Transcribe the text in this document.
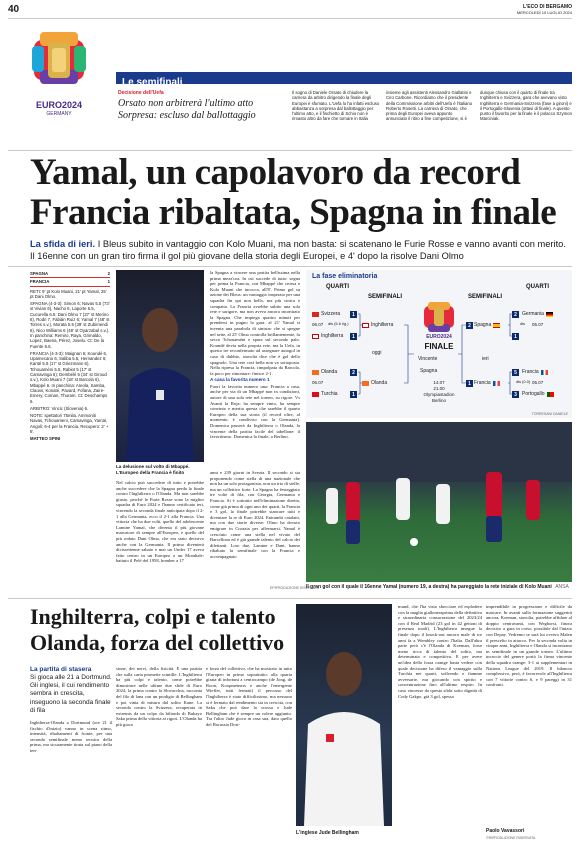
40	L'ECO DI BERGAMO
MERCOLEDÌ 10 LUGLIO 2024
EURO2024
GERMANY
Le semifinali
Decisione dell'Uefa
Orsato non arbitrerà l'ultimo atto Sorpresa: escluso dal ballottaggio
Il sogno di Daniele Orsato di chiudere la carriera da arbitro dirigendo la finale degli Europei è sfumato. L'Uefa lo ha infatti escluso abbastanza a sorpresa dal ballottaggio per l'ultimo atto, e il fischietto di Schio non è rimasto altro da fare che tornare in Italia
insieme agli assistenti Alessandro Giallatini e Ciro Carbone. Ricordiamo che il presidente della Commissione arbitri dell'Uefa è l'italiano Roberto Rosetti. La carriera di Orsato, che prima degli Europei aveva appunto annunciato il ritiro a fine competizione, si è
dunque chiusa con il quarto di finale tra Inghilterra e Svizzera, gara che avevano visto Inghilterra e Germania-Svizzera (fase a gironi) e il Portogallo-Slovenia (ottavi di finale). A questo punto il favorito per la finale è il polacco Szymon Marciniak.
Yamal, un capolavoro da record
Francia ribaltata, Spagna in finale
La sfida di ieri. I Bleus subito in vantaggio con Kolo Muani, ma non basta: si scatenano le Furie Rosse e vanno avanti con merito. Il 16enne con un gran tiro firma il gol più giovane della storia degli Europei, e 4' dopo la risolve Dani Olmo
SPAGNA	2
FRANCIA	1

RETI: 9' pt Kolo Muani, 21' pt Yamal, 25' pt Dani Olmo.

SPAGNA (4-3-3): Simon 6; Navas 5.5 (73' st Vivian 6), Nacho 6, Laporte 6.5, Cucurella 6.5; Dani Olmo 7 (37' st Merino 6), Rodri 7, Fabián Ruiz 6; Yamal 7 (48' st Torres s.v.), Morata 5.5 (39' st Zubimendi 6), Nico Williams 6 (48' st Oyarzabal s.v.). In panchina: Remiro, Raya, Grimaldo, Lopez, Baena, Pérez, Joselu. Ct: De la Fuente 6.5.

FRANCIA (4-3-3): Maignan 6; Koundé 6, Upamecano 6, Saliba 5.5, Hernandez 6; Kanté 5.5 (17' st Griezmann 6), Tchouaméni 5.5, Rabiot 5 (17' st Camavinga 6); Dembélé 5 (34' st Giroud s.v.), Kolo Muani 7 (18' st Barcola 6), Mbappé 6. In panchina: Areola, Samba, Clauss, Konaté, Pavard, Fofana, Zaire-Emery, Coman, Thuram. Ct: Deschamps 5.

ARBITRO: Vincic (Slovenia) 6.

NOTE: spettatori 75mila. Ammoniti Navas, Tchouameni, Camavinga, Yamal, Angoli: 6-4 per la Francia. Recupero: 2' + 6'.

MATTEO SPINI

La delusione sul volto di Mbappé. L'Europeo della Francia è finito
Nel calcio può succedere di tutto e potrebbe anche succedere che la Spagna perda la finale contro l'Inghilterra o l'Olanda. Ma non sarebbe giusto, perché le Furie Rosse sono la miglior squadra di Euro 2024 e l'hanno certificato ieri, vincendo la seconda finale anticipata dopo il 2-1 alla Germania, ecco il 2-1 alla Francia. Una vittoria che ha due volti, quello del adolescente Lamine Yamal, che diventa il più giovane marcatore di sempre all'Europeo, e quello del più rodato Dani Olmo, che era stato decisivo anche con la Germania. Il primo diventerà dicissettenne sabato e mai un Under 17 aveva fatto centro in un Europeo o un Mondiale: battuto il Pelé del 1958, bomber a 17
anni e 239 giorni in Svezia. Il secondo si sta proponendo come stella di una nazionale che non ha un solo protagonista, non un trio di stelle, ma un collettivo forte. La Spagna ha festeggiato tre volte di fila, con Georgia, Germania e Francia. Si è sottratto nell'eliminazione diretta, come già prima di ogni uno dei quarti, la Francia e 3 gol, la finale potrebbe stancare tutti e diventare la re di Euro 2024. Entrambi catalani, ma con due storie diverse: Olmo ha dovuto emigrare in Croazia per affermarsi, Yamal è cresciuto come una stella nel vivaio del Barcellona ed è già grande talento del calcio dei dilettanti. Loro due, Lamine e Dani, hanno ribaltato la semifinale con la Francia e accompagnato

la Spagna a vincere una partita bellissima nella prima mezz'ora. In cui succede di tutto: segna per prima la Francia, con Mbappé che crossa e Kolo Muani che incocca, all'8'. Primo gol su azione dei Bleus: un vantaggio insperato per una squadra fin qui non bella, ma più cinica e compatta. La Francia avrebbe subito una sola rete e sarigore, ma non aveva ancora incontrato la Spagna. Che impiega quattro minuti per prendersi in pugno la gara: al 21' Yamal si inventa una parabola di sinistro che si spegne nel sette, al 25' Olmo controlla brillantemente, fa secco Tchouaméni e spara sul secondo palo. Koundé devia nella propria rete, ma la Uefa, in questo tre reconfermato ad assegnare autogol in caso di dubbio, stavolta dice che è gol dello spagnolo. Una rete così bella non va sottoposta. Nella ripresa la Francia, rimpolpata da Barcola, fa poco per rimontare: finisce 2-1.

A casa la favorita numero 1

Fuori la favorita numero uno: Francia a casa, anche per via di un Mbappé non in condizioni, autore di una sola rete nel torneo, su rigore. Vs Avanti la Roja: ha sempre vinto, ha sempre convinto e merita questa che sarebbe il quarto Europeo della sua storia (il record oltre, al momento, è condiviso con la Germania). Domenica passerà da Inghilterra o Olanda, la vincente della partita facile del tabellone: il favoritismo. Domenica la finale, a Berlino.

La fase eliminatoria
QUARTI
SEMIFINALI	SEMIFINALI
QUARTI
Svizzera
Inghilterra
1
1
06.07 dts (5-6 rig.)
Olanda
Turchia
2
1
06.07
Inghilterra
Olanda
oggi
EURO2024
FINALE
Vincente	ieri
Spagna
14.07
21.00
Olympiastadion
Berlino
Spagna
2
Francia
1
2	Germania
1
05.07
dts
5	Francia
3	Portogallo
05.07
dts (0-0)
TORRESANI DANIELE
Il gran gol con il quale il 16enne Yamal (numero 19, a destra) ha pareggiato la rete iniziale di Kolo Muani ANSA
EPIPRODUZIONE RISERVATA
Inghilterra, colpi e talento
Olanda, forza del collettivo
La partita di stasera
Si gioca alle 21 a Dortmund. Gli inglesi, il cui rendimento sembra in crescita, inseguono la seconda finale di fila
Inghilterra-Olanda a Dortmund (ore 21 il fischio d'inizio) vanno in scena ritmo, intensità, ribaltamenti di fronte, per una seconda semifinale meno tecnica della prima, ma sicuramente tirata sul piano della ten-
sione, dei nervi, della fisicità. E una partita che sulla carta promette scintille. L'Inghilterra ha più colpi e talento, come potrebbe dimostrare nelle ultime due sfide di Euro 2024, la prima contro la Slovacchia, racconta del filo di lana con un prodigio di Bellingham e poi vinta di misura dal solito Kane. La seconda contro la Svizzera, recuperata in extremis da un colpo da biliardo di Bukayo Saka prima della vittoria ai rigori. L'Olanda ha più gioco
e forza del collettivo, che ha mostrato in tutto l'Europeo in primo soprattutto: alla quarta girata di infortuni a centrocampo (de Jong, de Roon, Koopmeiners e anche l'emergente Wieffer, tutti fermati) il percorso del l'Inghilterra è stato difficilissimo, ma nessuno si è fermato dal rendimento sia in crescita, con Saka che può dare la scossa e Jude Bellingham che è sempre un volere aggiunto. Tra l'altro Jude gioca in casa sua, dato quello del Borussia Dort-
L'inglese Jude Bellingham
mund, che l'ha visto sbocciare ed esplodere con la maglia gialloneraprima della definitiva e straordinaria consacrazione del 2023/24 con il Real Madrid (23 gol in 42 gettoni di presenza totali). L'Inghilterra insegue la finale dopo il knock-out ancora male di tre anni fa a Wembley contro l'Italia. Dall'altra parte però c'è l'Olanda di Koeman, forse meno ricca di talento del solito, ma determinata e competitiva. E per avere un'idea della forza orange basta vedere con quale decisione ha difeso il vantaggio sulla Turchia nei quarti, soffrendo e fiamme avversarie, ma giocando con spirito e concentrazione fino all'ultimo respiro. In caso vincesse da questa sfida sotto dignità di Cody Gakpo, già 3 gol, spesso
imprendibile in progressione e difficile da marcare. In avanti sulla formazione suggerirà ancora, Koeman, stavolta, potrebbe affidare al doppio centravanti, con Weghorst, finora decisivo a gara in corso, possibile dal l'inizio con Depay. Vedremo se sarà lui ovvero Malen il prescelto in attacco. Per la seconda volta in cinque anni, Inghilterra e Olanda si incontrano in semifinale in un grande torneo. L'ultimo incrocio del genere portò la firma vincente della squadra orange: 3-1 ai supplementari in Nations League del 2019. Il bilancio complessivo, però, è favorevole all'Inghilterra con 7 vittorie contro 6, e 9 pareggi in 31 confronti.
Paolo Vavassori
©RIPRODUZIONE RISERVATA
